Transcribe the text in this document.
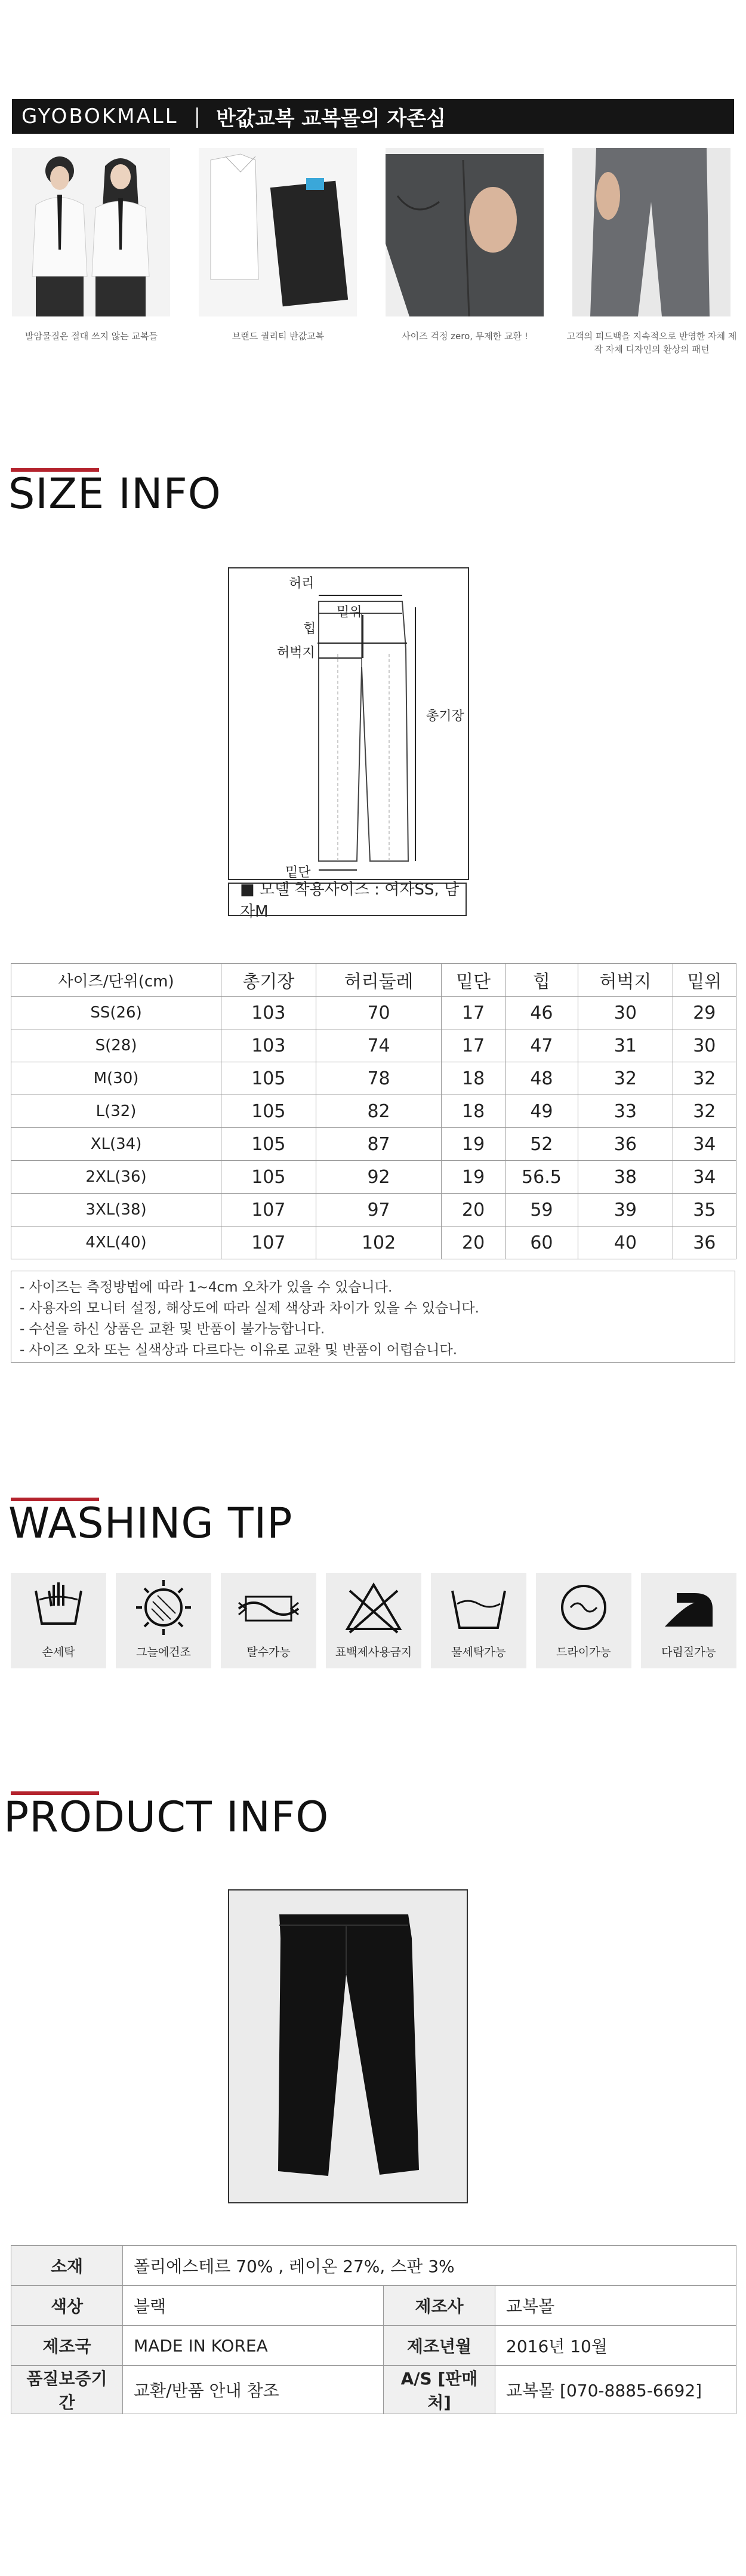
GYOBOKMALL | 반값교복 교복몰의 자존심
발암물질은 절대 쓰지 않는 교복들	브랜드 퀄리티 반값교복	사이즈 걱정 zero, 무제한 교환 !	고객의 피드백을 지속적으로 반영한 자체 제작 자체 디자인의 환상의 패턴
SIZE INFO
허리
밑위
힙
허벅지
총기장
밑단
■ 모델 착용사이즈 : 여자SS, 남자M
사이즈/단위(cm)	총기장	허리둘레	밑단	힙	허벅지	밑위
SS(26)	103	70	17	46	30	29
S(28)	103	74	17	47	31	30
M(30)	105	78	18	48	32	32
L(32)	105	82	18	49	33	32
XL(34)	105	87	19	52	36	34
2XL(36)	105	92	19	56.5	38	34
3XL(38)	107	97	20	59	39	35
4XL(40)	107	102	20	60	40	36
- 사이즈는 측정방법에 따라 1~4cm 오차가 있을 수 있습니다.
- 사용자의 모니터 설정, 해상도에 따라 실제 색상과 차이가 있을 수 있습니다.
- 수선을 하신 상품은 교환 및 반품이 불가능합니다.
- 사이즈 오차 또는 실색상과 다르다는 이유로 교환 및 반품이 어렵습니다.
WASHING TIP
손세탁	그늘에건조	탈수가능	표백제사용금지	물세탁가능	드라이가능	다림질가능
PRODUCT INFO
소재	폴리에스테르 70% , 레이온 27%, 스판 3%		
색상	블랙	제조사	교복몰
제조국	MADE IN KOREA	제조년월	2016년 10월
품질보증기간	교환/반품 안내 참조	A/S [판매처]	교복몰 [070-8885-6692]
